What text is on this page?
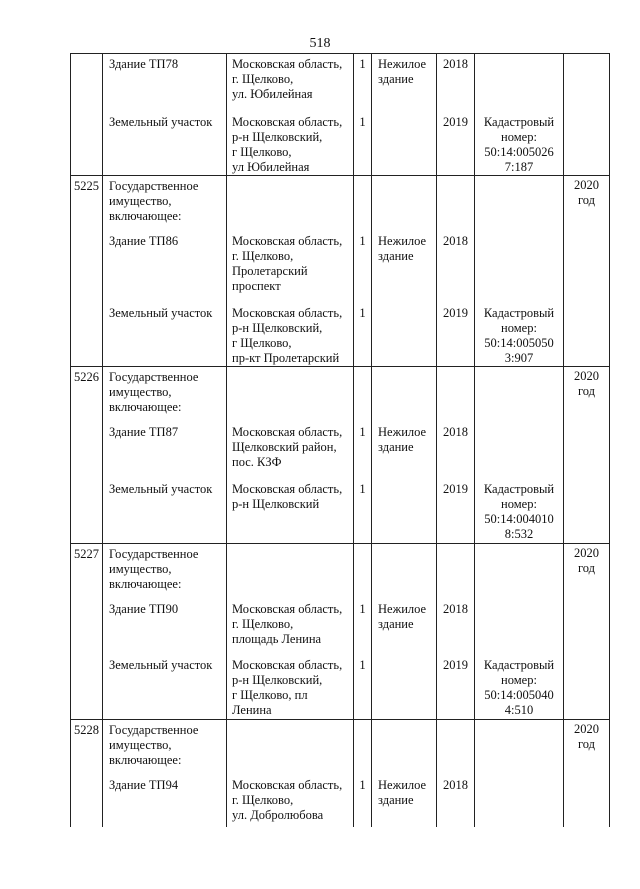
518
	Здание ТП78	Московская область,
г. Щелково,
ул. Юбилейная	1	Нежилое
здание	2018		
	Земельный участок	Московская область,
р-н Щелковский,
г Щелково,
ул Юбилейная	1		2019	Кадастровый
номер:
50:14:005026
7:187	
5225	Государственное
имущество,
включающее:						2020
год
	Здание ТП86	Московская область,
г. Щелково,
Пролетарский
проспект	1	Нежилое
здание	2018		
	Земельный участок	Московская область,
р-н Щелковский,
г Щелково,
пр-кт Пролетарский	1		2019	Кадастровый
номер:
50:14:005050
3:907	
5226	Государственное
имущество,
включающее:						2020
год
	Здание ТП87	Московская область,
Щелковский район,
пос. КЗФ	1	Нежилое
здание	2018		
	Земельный участок	Московская область,
р-н Щелковский	1		2019	Кадастровый
номер:
50:14:004010
8:532	
5227	Государственное
имущество,
включающее:						2020
год
	Здание ТП90	Московская область,
г. Щелково,
площадь Ленина	1	Нежилое
здание	2018		
	Земельный участок	Московская область,
р-н Щелковский,
г Щелково, пл
Ленина	1		2019	Кадастровый
номер:
50:14:005040
4:510	
5228	Государственное
имущество,
включающее:						2020
год
	Здание ТП94	Московская область,
г. Щелково,
ул. Добролюбова	1	Нежилое
здание	2018		
